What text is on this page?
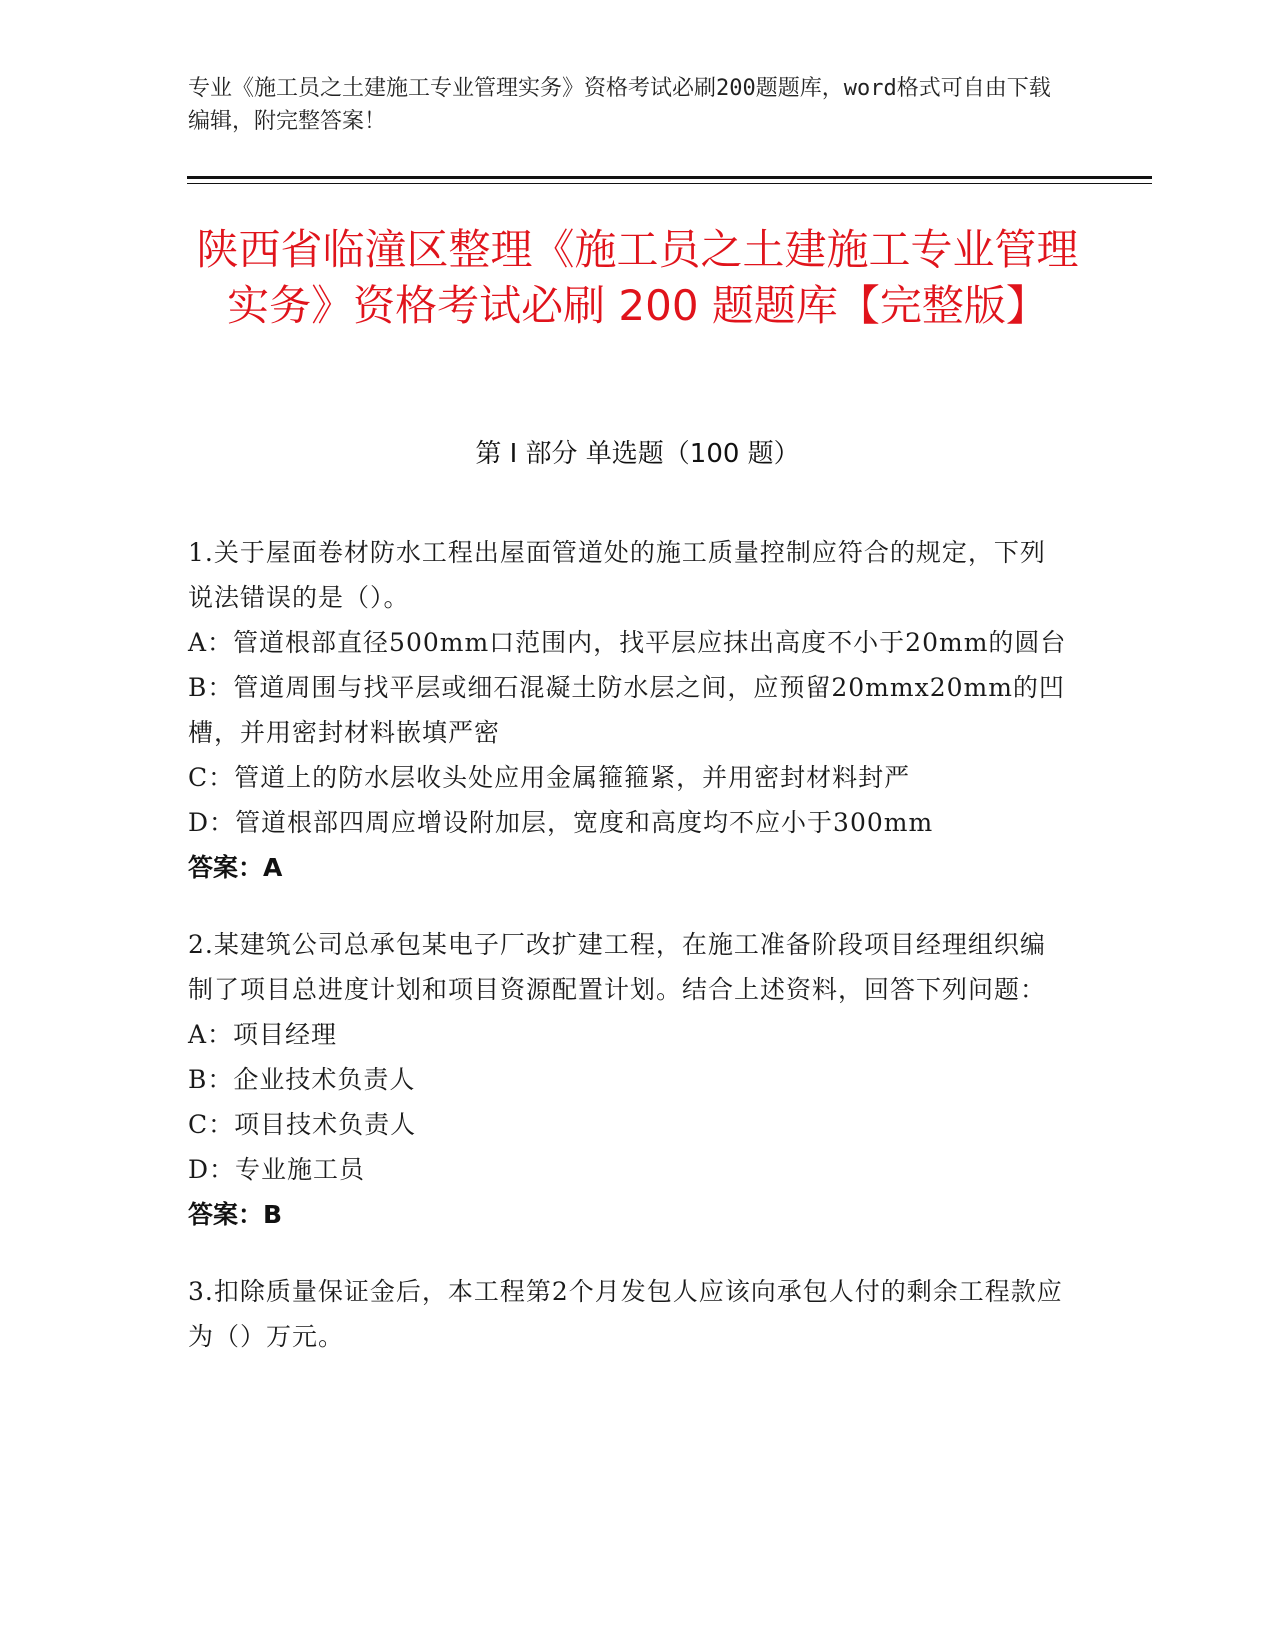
专业《施工员之土建施工专业管理实务》资格考试必刷200题题库，word格式可自由下载编辑，附完整答案！
陕西省临潼区整理《施工员之土建施工专业管理实务》资格考试必刷 200 题题库【完整版】
第 I 部分 单选题（100 题）
1.关于屋面卷材防水工程出屋面管道处的施工质量控制应符合的规定，下列说法错误的是（）。
A：管道根部直径500mm口范围内，找平层应抹出高度不小于20mm的圆台
B：管道周围与找平层或细石混凝土防水层之间，应预留20mmx20mm的凹槽，并用密封材料嵌填严密
C：管道上的防水层收头处应用金属箍箍紧，并用密封材料封严
D：管道根部四周应增设附加层，宽度和高度均不应小于300mm
答案：A
2.某建筑公司总承包某电子厂改扩建工程，在施工准备阶段项目经理组织编制了项目总进度计划和项目资源配置计划。结合上述资料，回答下列问题：
A：项目经理
B：企业技术负责人
C：项目技术负责人
D：专业施工员
答案：B
3.扣除质量保证金后，本工程第2个月发包人应该向承包人付的剩余工程款应为（）万元。
